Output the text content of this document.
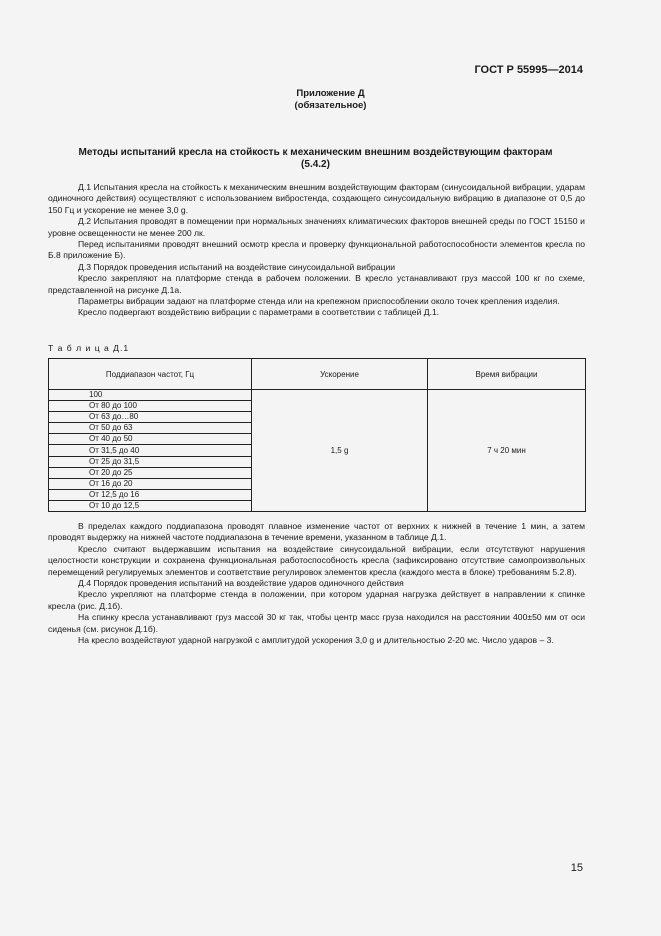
ГОСТ Р 55995—2014
Приложение Д
(обязательное)
Методы испытаний кресла на стойкость к механическим внешним воздействующим факторам
(5.4.2)

Д.1 Испытания кресла на стойкость к механическим внешним воздействующим факторам (синусоидальной вибрации, ударам одиночного действия) осуществляют с использованием вибростенда, создающего синусоидальную вибрацию в диапазоне от 0,5 до 150 Гц и ускорение не менее 3,0 g.

Д.2 Испытания проводят в помещении при нормальных значениях климатических факторов внешней среды по ГОСТ 15150 и уровне освещенности не менее 200 лк.

Перед испытаниями проводят внешний осмотр кресла и проверку функциональной работоспособности элементов кресла по Б.8 приложение Б).

Д.3 Порядок проведения испытаний на воздействие синусоидальной вибрации

Кресло закрепляют на платформе стенда в рабочем положении. В кресло устанавливают груз массой 100 кг по схеме, представленной на рисунке Д.1а.

Параметры вибрации задают на платформе стенда или на крепежном приспособлении около точек крепления изделия.

Кресло подвергают воздействию вибрации с параметрами в соответствии с таблицей Д.1.

Т а б л и ц а Д.1
Поддиапазон частот, Гц	Ускорение	Время вибрации
100	1,5 g	7 ч 20 мин
От 80 до 100		
От 63 до…80		
От 50 до 63		
От 40 до 50		
От 31,5 до 40		
От 25 до 31,5		
От 20 до 25		
От 16 до 20		
От 12,5 до 16		
От 10 до 12,5		

В пределах каждого поддиапазона проводят плавное изменение частот от верхних к нижней в течение 1 мин, а затем проводят выдержку на нижней частоте поддиапазона в течение времени, указанном в таблице Д.1.

Кресло считают выдержавшим испытания на воздействие синусоидальной вибрации, если отсутствуют нарушения целостности конструкции и сохранена функциональная работоспособность кресла (зафиксировано отсутствие самопроизвольных перемещений регулируемых элементов и соответствие регулировок элементов кресла (каждого места в блоке) требованиям 5.2.8).

Д.4 Порядок проведения испытаний на воздействие ударов одиночного действия

Кресло укрепляют на платформе стенда в положении, при котором ударная нагрузка действует в направлении к спинке кресла (рис. Д.1б).

На спинку кресла устанавливают груз массой 30 кг так, чтобы центр масс груза находился на расстоянии 400±50 мм от оси сиденья (см. рисунок Д.1б).

На кресло воздействуют ударной нагрузкой с амплитудой ускорения 3,0 g и длительностью 2-20 мс. Число ударов – 3.

15
